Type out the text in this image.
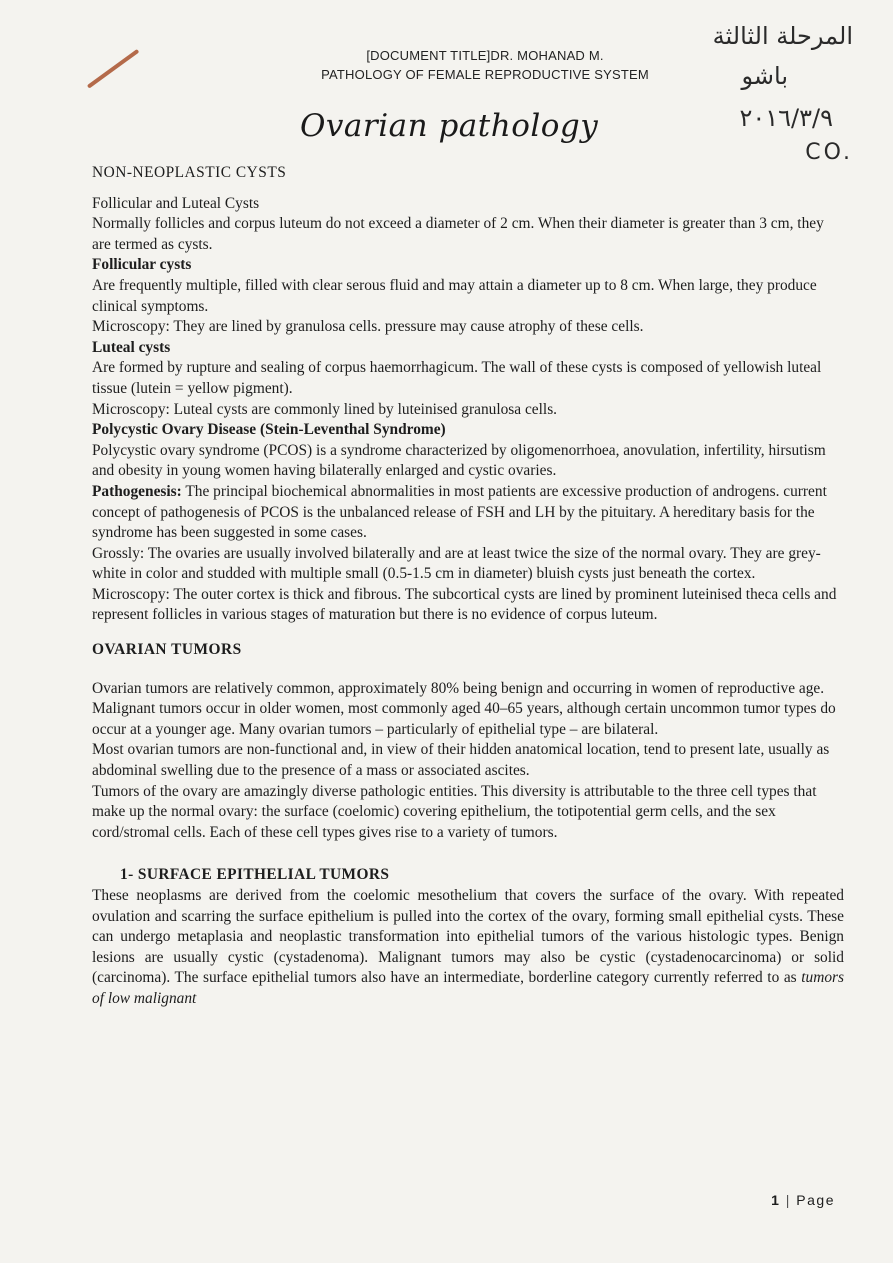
[DOCUMENT TITLE]DR. MOHANAD M.
PATHOLOGY OF FEMALE REPRODUCTIVE SYSTEM
المرحلة الثالثة
باشو
٢٠١٦/٣/٩
CO.
Ovarian pathology

NON-NEOPLASTIC CYSTS

Follicular and Luteal Cysts

Normally follicles and corpus luteum do not exceed a diameter of 2 cm. When their diameter is greater than 3 cm, they are termed as cysts.

Follicular cysts

Are frequently multiple, filled with clear serous fluid and may attain a diameter up to 8 cm. When large, they produce clinical symptoms.

Microscopy: They are lined by granulosa cells. pressure may cause atrophy of these cells.

Luteal cysts

Are formed by rupture and sealing of corpus haemorrhagicum. The wall of these cysts is composed of yellowish luteal tissue (lutein = yellow pigment).

Microscopy: Luteal cysts are commonly lined by luteinised granulosa cells.

Polycystic Ovary Disease (Stein-Leventhal Syndrome)

Polycystic ovary syndrome (PCOS) is a syndrome characterized by oligomenorrhoea, anovulation, infertility, hirsutism and obesity in young women having bilaterally enlarged and cystic ovaries.

Pathogenesis: The principal biochemical abnormalities in most patients are excessive production of androgens. current concept of pathogenesis of PCOS is the unbalanced release of FSH and LH by the pituitary. A hereditary basis for the syndrome has been suggested in some cases.

Grossly: The ovaries are usually involved bilaterally and are at least twice the size of the normal ovary. They are grey-white in color and studded with multiple small (0.5-1.5 cm in diameter) bluish cysts just beneath the cortex.

Microscopy: The outer cortex is thick and fibrous. The subcortical cysts are lined by prominent luteinised theca cells and represent follicles in various stages of maturation but there is no evidence of corpus luteum.

OVARIAN TUMORS

Ovarian tumors are relatively common, approximately 80% being benign and occurring in women of reproductive age. Malignant tumors occur in older women, most commonly aged 40–65 years, although certain uncommon tumor types do occur at a younger age. Many ovarian tumors – particularly of epithelial type – are bilateral.

Most ovarian tumors are non-functional and, in view of their hidden anatomical location, tend to present late, usually as abdominal swelling due to the presence of a mass or associated ascites.

Tumors of the ovary are amazingly diverse pathologic entities. This diversity is attributable to the three cell types that make up the normal ovary: the surface (coelomic) covering epithelium, the totipotential germ cells, and the sex cord/stromal cells. Each of these cell types gives rise to a variety of tumors.

1- SURFACE EPITHELIAL TUMORS

These neoplasms are derived from the coelomic mesothelium that covers the surface of the ovary. With repeated ovulation and scarring the surface epithelium is pulled into the cortex of the ovary, forming small epithelial cysts. These can undergo metaplasia and neoplastic transformation into epithelial tumors of the various histologic types. Benign lesions are usually cystic (cystadenoma). Malignant tumors may also be cystic (cystadenocarcinoma) or solid (carcinoma). The surface epithelial tumors also have an intermediate, borderline category currently referred to as tumors of low malignant

1 | Page
